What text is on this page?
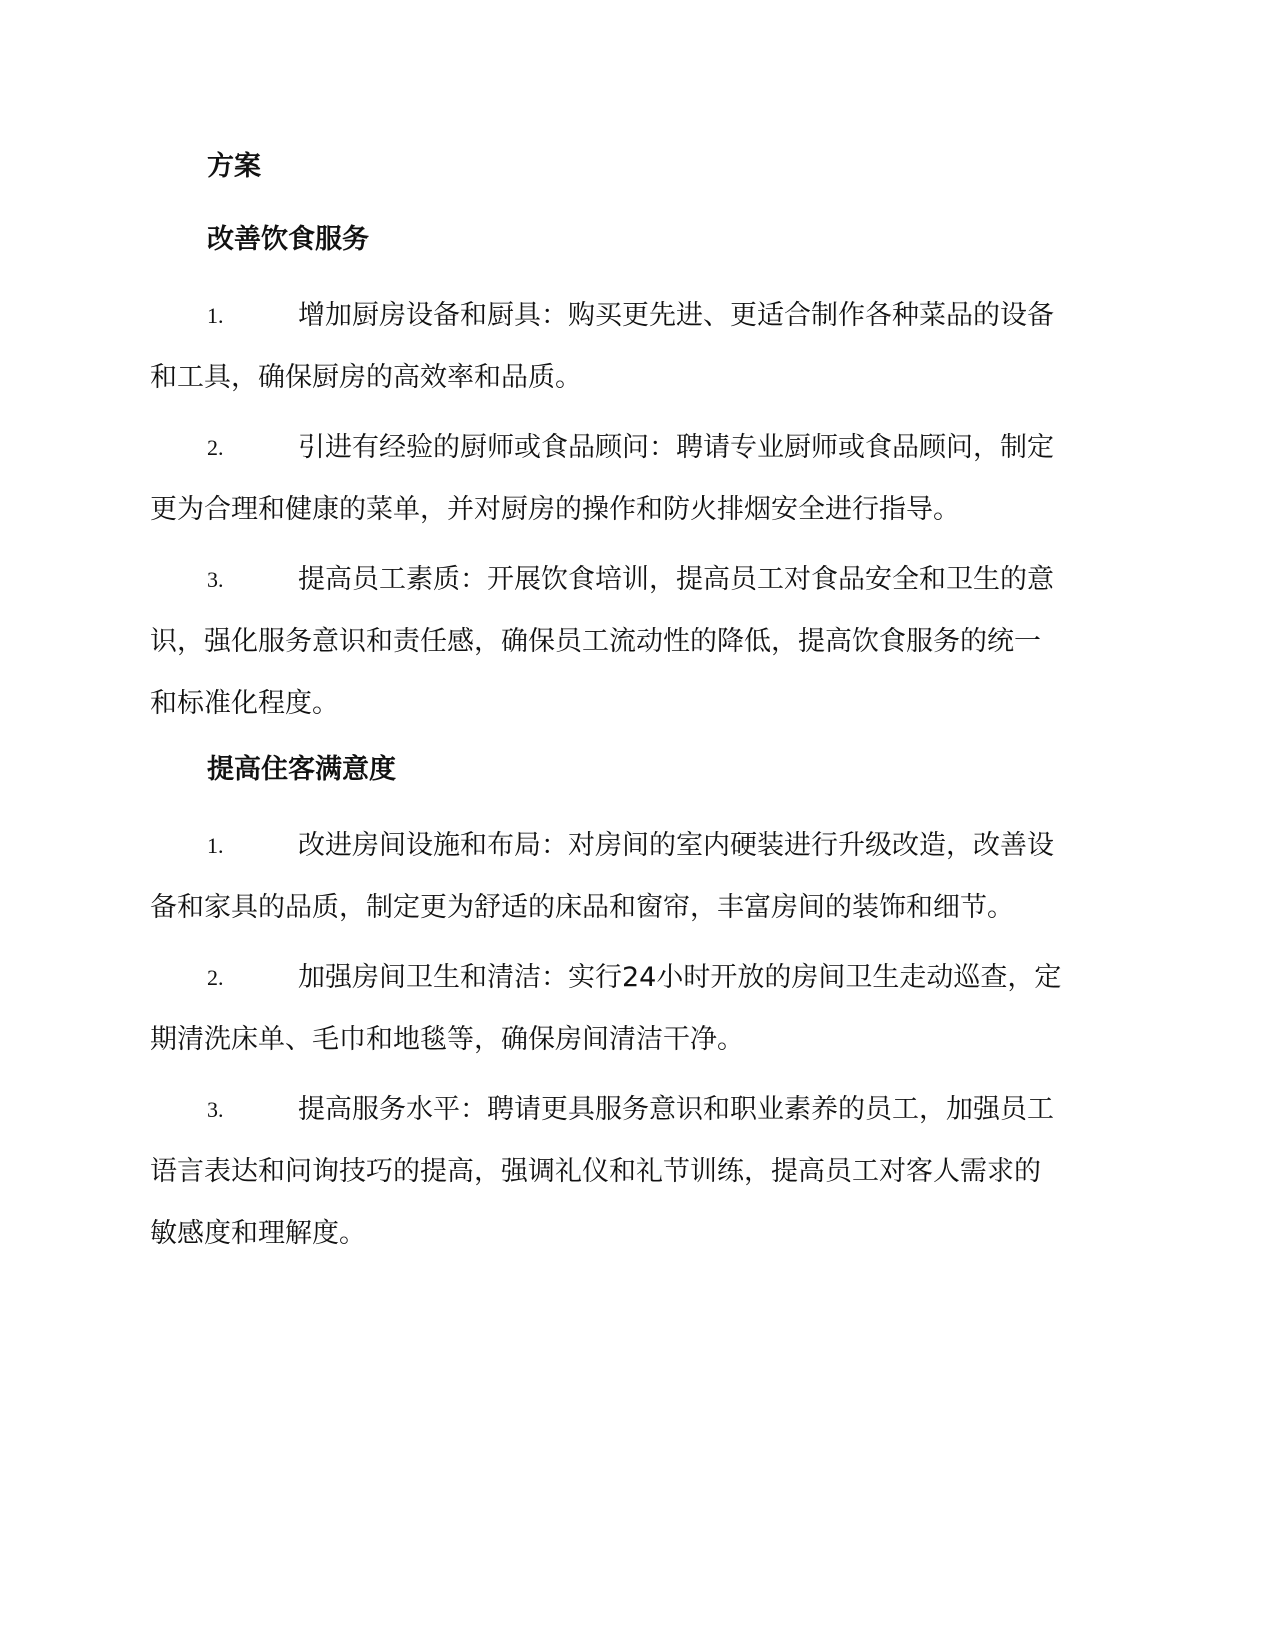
方案
改善饮食服务
1.	增加厨房设备和厨具：购买更先进、更适合制作各种菜品的设备
和工具，确保厨房的高效率和品质。
2.	引进有经验的厨师或食品顾问：聘请专业厨师或食品顾问，制定
更为合理和健康的菜单，并对厨房的操作和防火排烟安全进行指导。
3.	提高员工素质：开展饮食培训，提高员工对食品安全和卫生的意
识，强化服务意识和责任感，确保员工流动性的降低，提高饮食服务的统一
和标准化程度。
提高住客满意度
1.	改进房间设施和布局：对房间的室内硬装进行升级改造，改善设
备和家具的品质，制定更为舒适的床品和窗帘，丰富房间的装饰和细节。
2.	加强房间卫生和清洁：实行24小时开放的房间卫生走动巡查，定
期清洗床单、毛巾和地毯等，确保房间清洁干净。
3.	提高服务水平：聘请更具服务意识和职业素养的员工，加强员工
语言表达和问询技巧的提高，强调礼仪和礼节训练，提高员工对客人需求的
敏感度和理解度。
